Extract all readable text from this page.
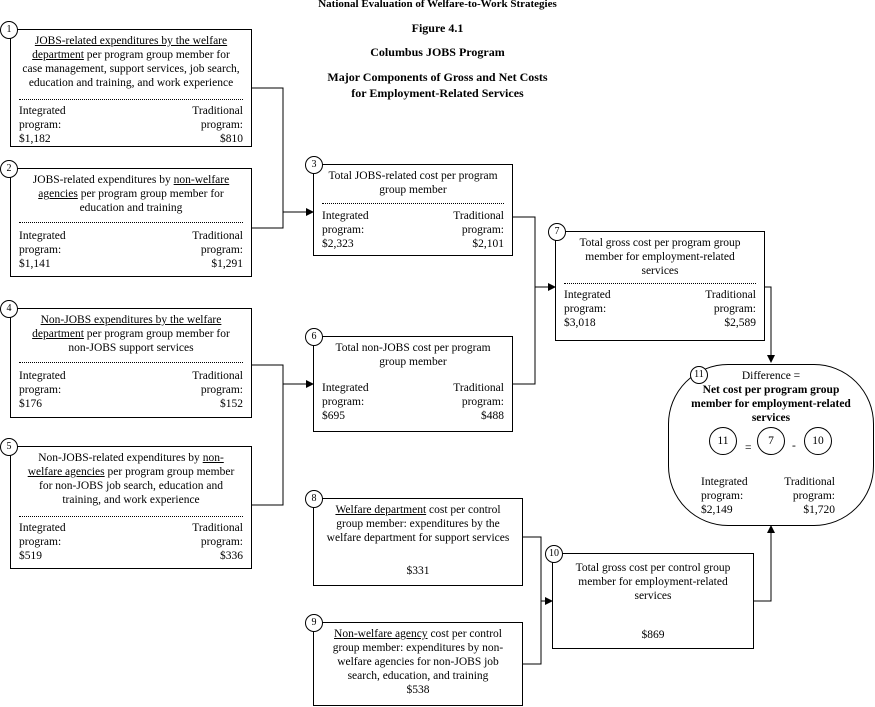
National Evaluation of Welfare-to-Work Strategies
Figure 4.1
Columbus JOBS Program
Major Components of Gross and Net Costs
for Employment-Related Services
JOBS-related expenditures by the welfare
department per program group member for
case management, support services, job search,
education and training, and work experience
Integrated
program:
$1,182
Traditional
program:
$810
1
JOBS-related expenditures by non-welfare
agencies per program group member for
education and training
Integrated
program:
$1,141
Traditional
program:
$1,291
2
Total JOBS-related cost per program
group member
Integrated
program:
$2,323
Traditional
program:
$2,101
3
Non-JOBS expenditures by the welfare
department per program group member for
non-JOBS support services
Integrated
program:
$176
Traditional
program:
$152
4
Non-JOBS-related expenditures by non-
welfare agencies per program group member
for non-JOBS job search, education and
training, and work experience
Integrated
program:
$519
Traditional
program:
$336
5
Total non-JOBS cost per program
group member
Integrated
program:
$695
Traditional
program:
$488
6
Total gross cost per program group
member for employment-related
services
Integrated
program:
$3,018
Traditional
program:
$2,589
7
Welfare department cost per control
group member: expenditures by the
welfare department for support services
$331
8
Non-welfare agency cost per control
group member: expenditures by non-
welfare agencies for non-JOBS job
search, education, and training
$538
9
Total gross cost per control group
member for employment-related
services
$869
10
Difference =
Net cost per program group
member for employment-related
services
11
=
7	-	10
Integrated
program:
$2,149
Traditional
program:
$1,720
11
